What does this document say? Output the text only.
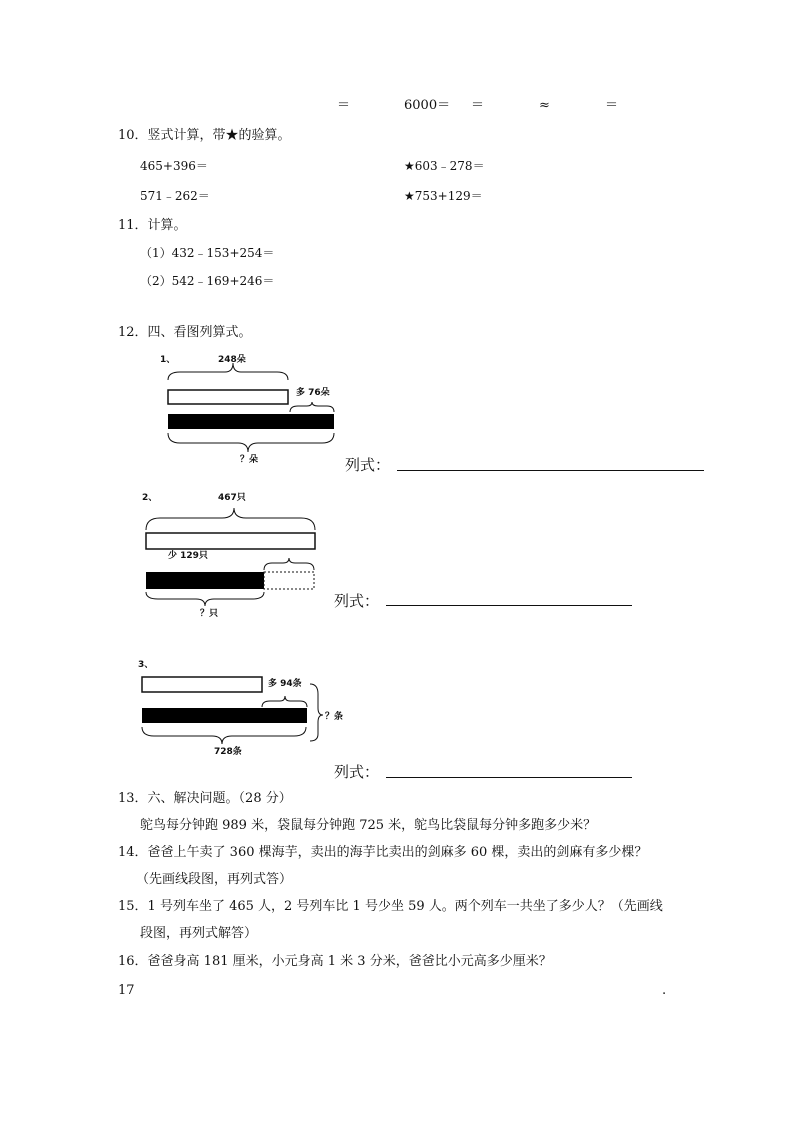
＝	6000＝ ＝	≈	＝
10．竖式计算，带★的验算。
465+396＝	★603﹣278＝
571﹣262＝	★753+129＝
11．计算。
（1）432﹣153+254＝
（2）542﹣169+246＝
12．四、看图列算式。
1、	248朵
多 76朵
？朵	列式：
2、	467只
少 129只
？只
列式：
3、
多 94条
？条
728条
列式：
13．六、解决问题。（28 分）
鸵鸟每分钟跑 989 米，袋鼠每分钟跑 725 米，鸵鸟比袋鼠每分钟多跑多少米？
14．爸爸上午卖了 360 棵海芋，卖出的海芋比卖出的剑麻多 60 棵，卖出的剑麻有多少棵？
（先画线段图，再列式答）
15．1 号列车坐了 465 人，2 号列车比 1 号少坐 59 人。两个列车一共坐了多少人？（先画线
段图，再列式解答）
16．爸爸身高 181 厘米，小元身高 1 米 3 分米，爸爸比小元高多少厘米？
17	.
